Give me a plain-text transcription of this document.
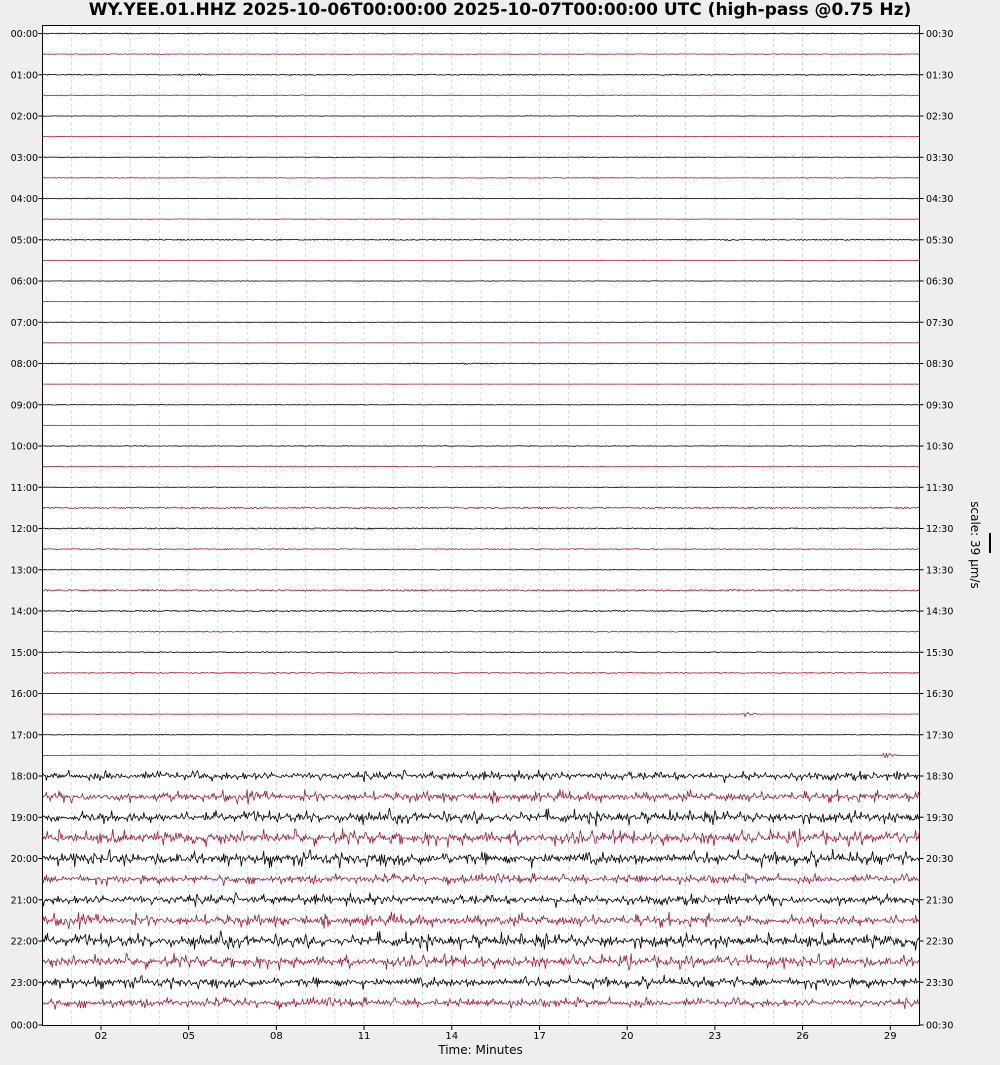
WY.YEE.01.HHZ 2025-10-06T00:00:00 2025-10-07T00:00:00 UTC (high-pass @0.75 Hz)
02	05	08	11	14	17	20	23	26	29
00:00
01:00
02:00
03:00
04:00
05:00
06:00
07:00
08:00
09:00
10:00
11:00
12:00
13:00
14:00
15:00
16:00
17:00
18:00
19:00
20:00
21:00
22:00
23:00
00:00
00:30
01:30
02:30
03:30
04:30
05:30
06:30
07:30
08:30
09:30
10:30
11:30
12:30
13:30
14:30
15:30
16:30
17:30
18:30
19:30
20:30
21:30
22:30
23:30
00:30
Time: Minutes
scale: 39 µm/s
